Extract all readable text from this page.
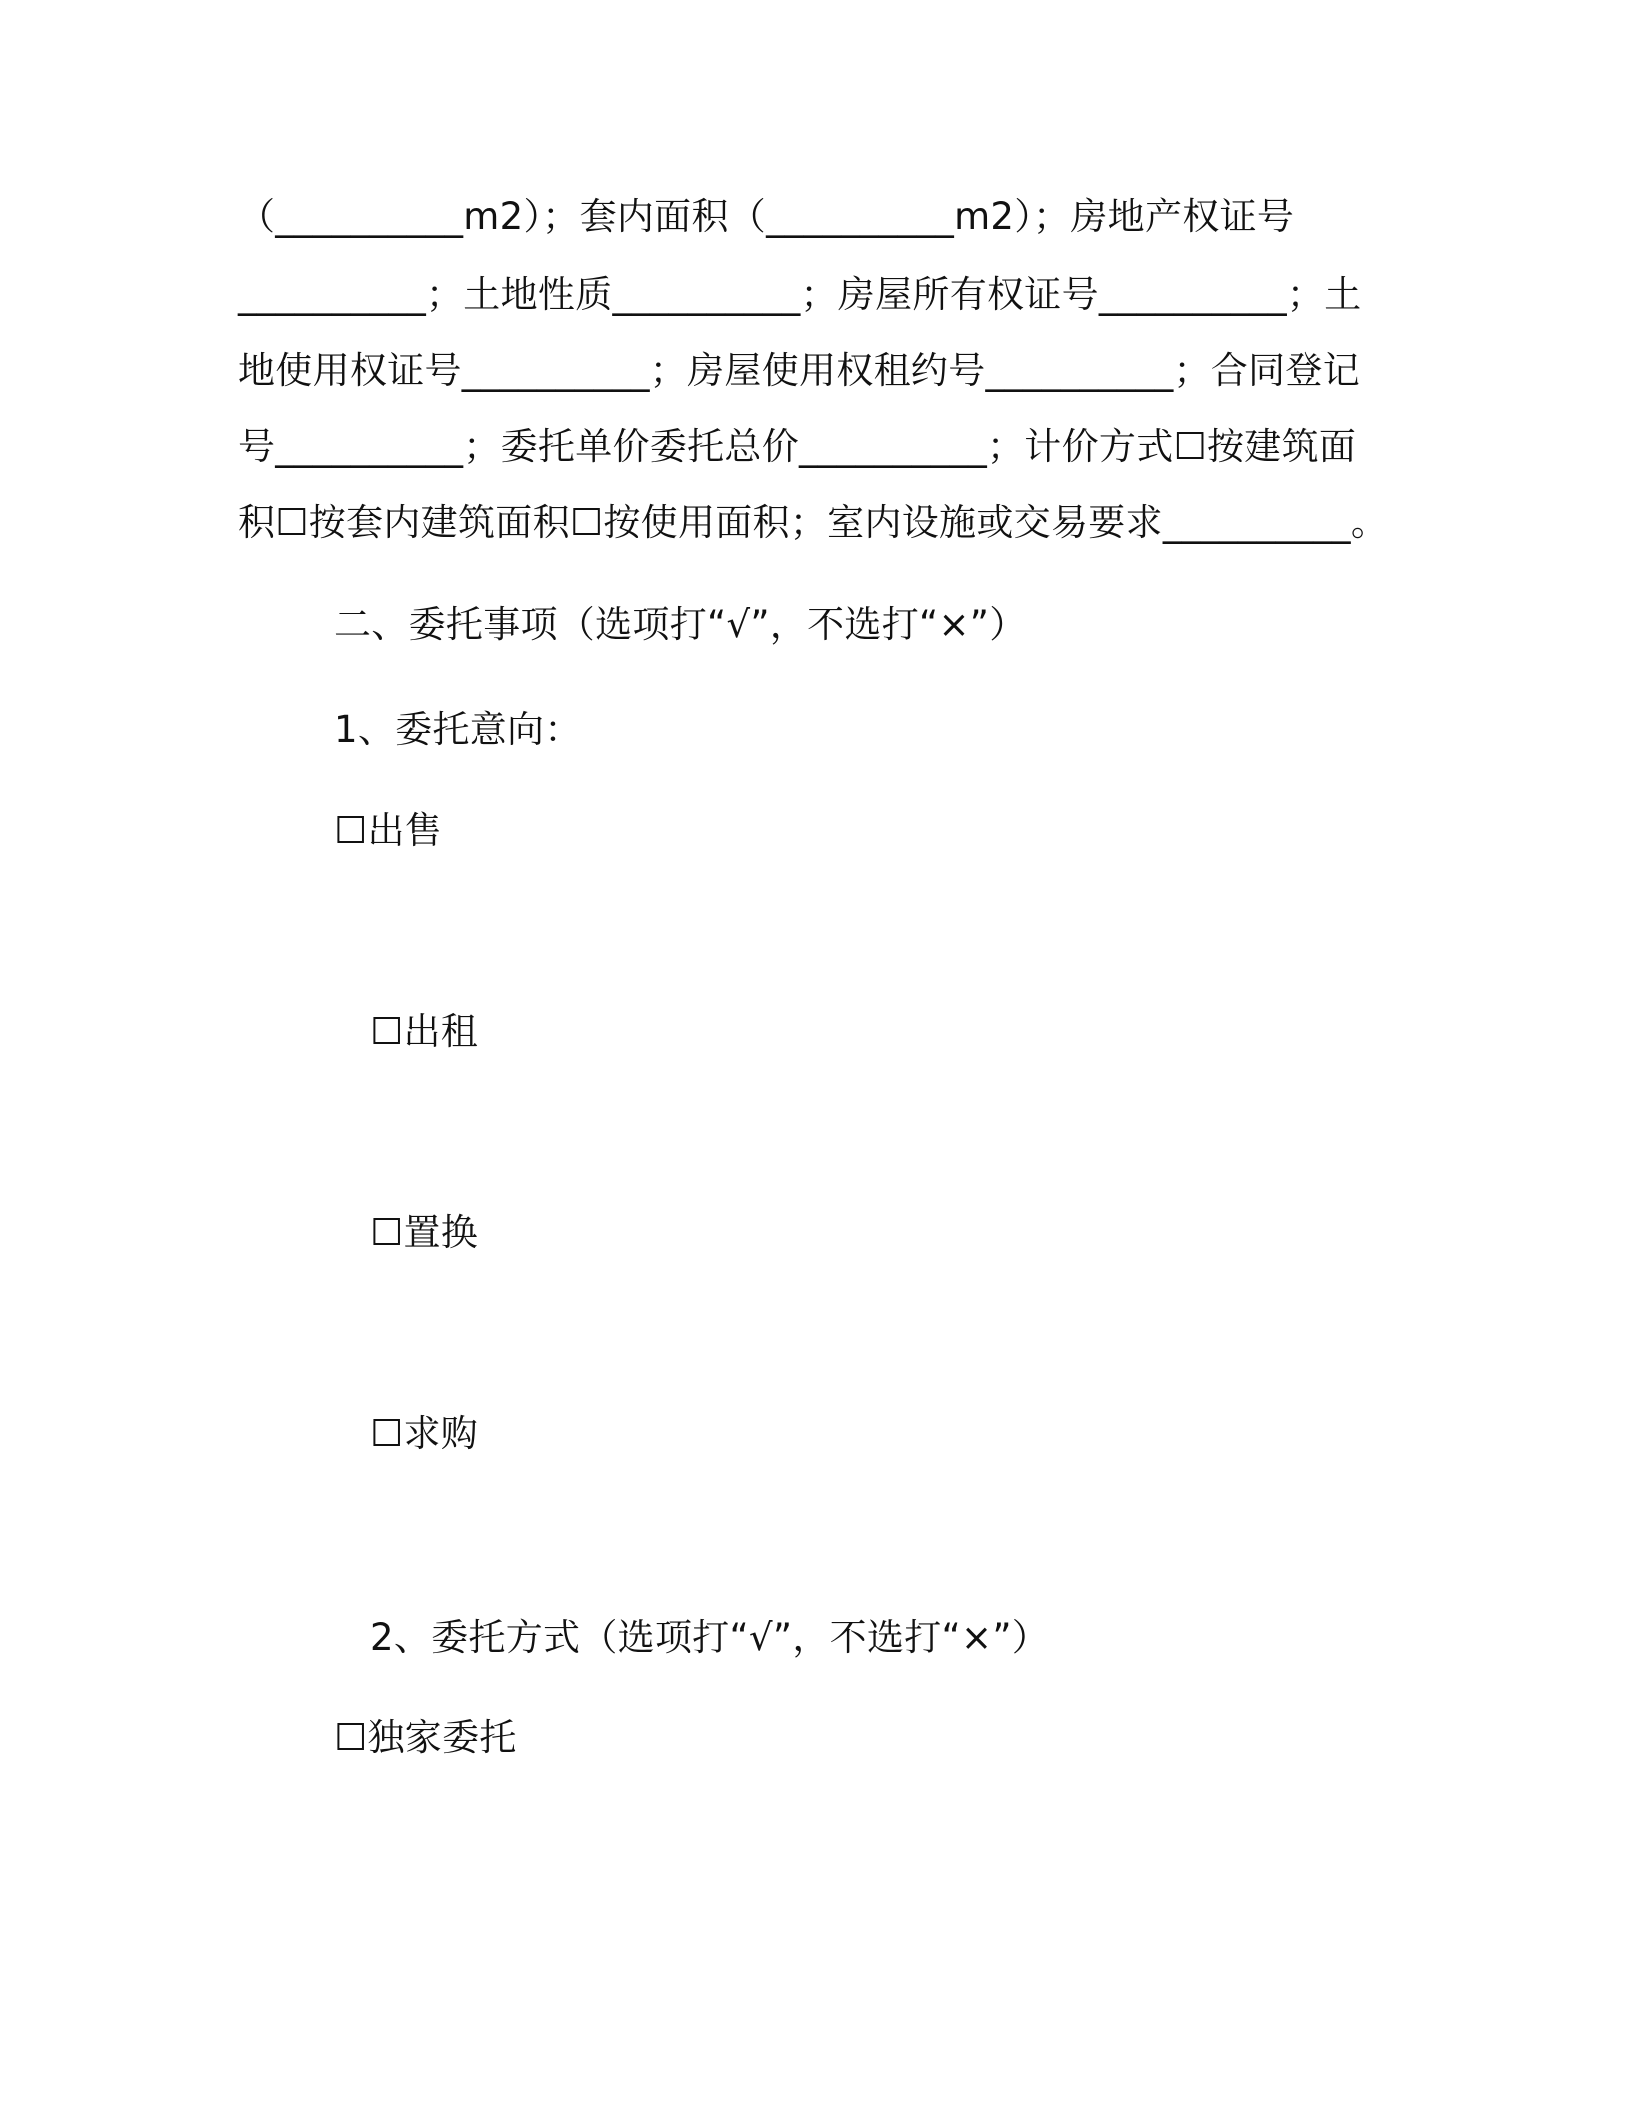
（__________m2）；套内面积（__________m2）；房地产权证号
__________；土地性质__________；房屋所有权证号__________；土
地使用权证号__________；房屋使用权租约号__________；合同登记
号__________；委托单价委托总价__________；计价方式☐按建筑面
积☐按套内建筑面积☐按使用面积；室内设施或交易要求__________。
二、委托事项（选项打“√”，不选打“×”）
1、委托意向：
☐出售
☐出租
☐置换
☐求购
2、委托方式（选项打“√”，不选打“×”）
☐独家委托
